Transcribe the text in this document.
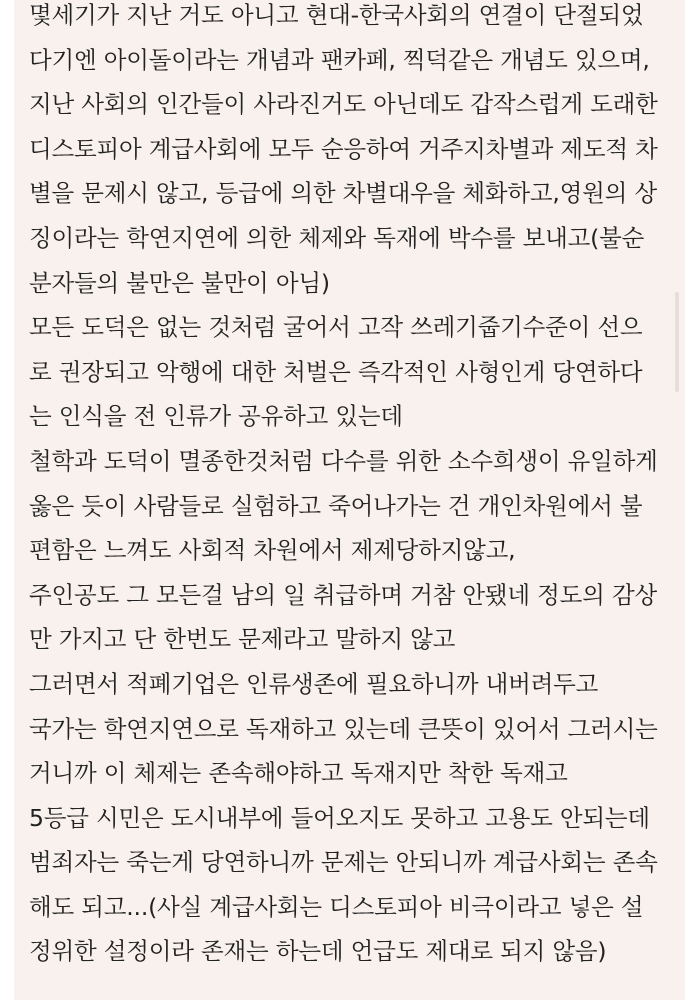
몇세기가 지난 거도 아니고 현대-한국사회의 연결이 단절되었
다기엔 아이돌이라는 개념과 팬카페, 찍덕같은 개념도 있으며,
지난 사회의 인간들이 사라진거도 아닌데도 갑작스럽게 도래한
디스토피아 계급사회에 모두 순응하여 거주지차별과 제도적 차
별을 문제시 않고, 등급에 의한 차별대우을 체화하고,영원의 상
징이라는 학연지연에 의한 체제와 독재에 박수를 보내고(불순
분자들의 불만은 불만이 아님)
모든 도덕은 없는 것처럼 굴어서 고작 쓰레기줍기수준이 선으
로 권장되고 악행에 대한 처벌은 즉각적인 사형인게 당연하다
는 인식을 전 인류가 공유하고 있는데
철학과 도덕이 멸종한것처럼 다수를 위한 소수희생이 유일하게
옳은 듯이 사람들로 실험하고 죽어나가는 건 개인차원에서 불
편함은 느껴도 사회적 차원에서 제제당하지않고,
주인공도 그 모든걸 남의 일 취급하며 거참 안됐네 정도의 감상
만 가지고 단 한번도 문제라고 말하지 않고
그러면서 적폐기업은 인류생존에 필요하니까 내버려두고
국가는 학연지연으로 독재하고 있는데 큰뜻이 있어서 그러시는
거니까 이 체제는 존속해야하고 독재지만 착한 독재고
5등급 시민은 도시내부에 들어오지도 못하고 고용도 안되는데
범죄자는 죽는게 당연하니까 문제는 안되니까 계급사회는 존속
해도 되고...(사실 계급사회는 디스토피아 비극이라고 넣은 설
정위한 설정이라 존재는 하는데 언급도 제대로 되지 않음)
